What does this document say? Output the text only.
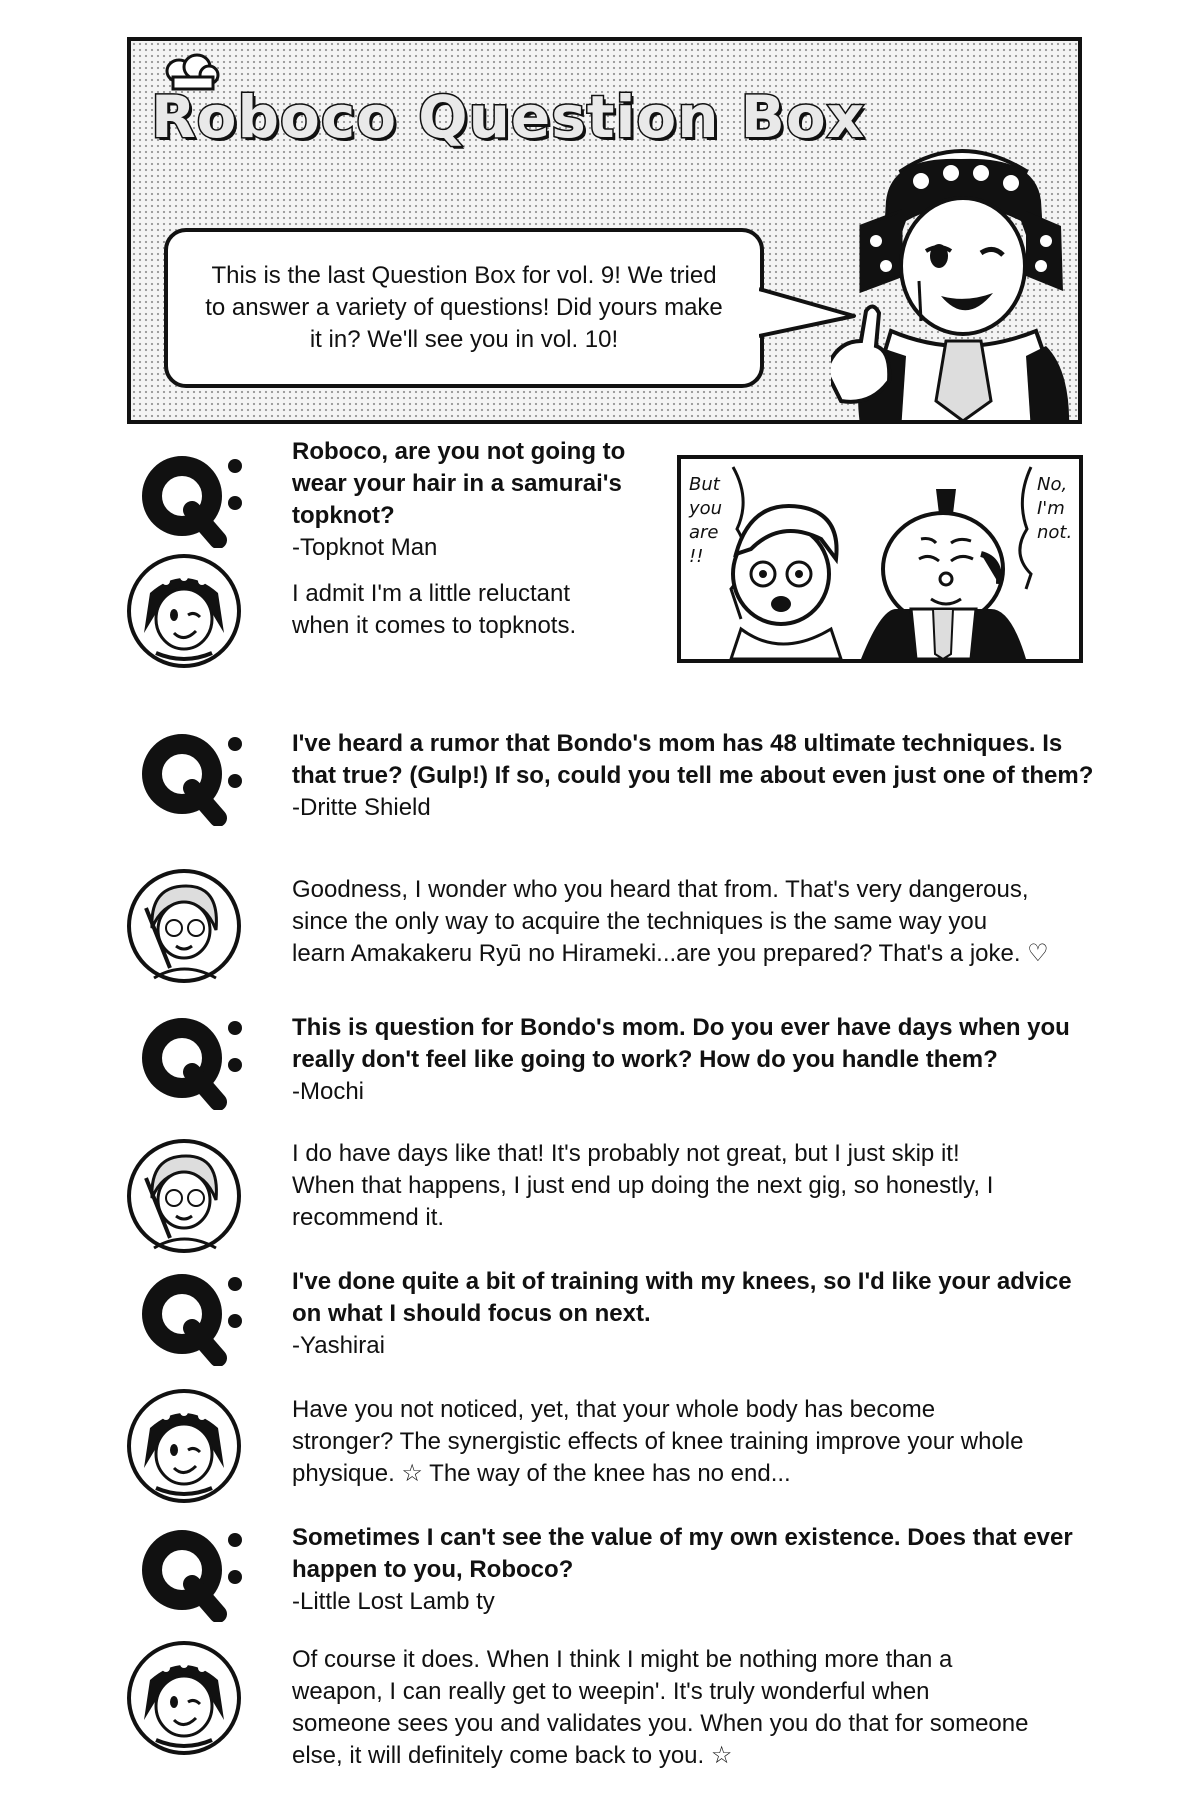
Roboco Question Box
This is the last Question Box for vol. 9! We tried to answer a variety of questions! Did yours make it in? We'll see you in vol. 10!
Roboco, are you not going to
wear your hair in a samurai's
topknot?
-Topknot Man
I admit I'm a little reluctant
when it comes to topknots.
But
you
are
!!
No,
I'm
not.
I've heard a rumor that Bondo's mom has 48 ultimate techniques. Is
that true? (Gulp!) If so, could you tell me about even just one of them?
-Dritte Shield
Goodness, I wonder who you heard that from. That's very dangerous,
since the only way to acquire the techniques is the same way you
learn Amakakeru Ryū no Hirameki...are you prepared? That's a joke. ♡
This is question for Bondo's mom. Do you ever have days when you
really don't feel like going to work? How do you handle them?
-Mochi
I do have days like that! It's probably not great, but I just skip it!
When that happens, I just end up doing the next gig, so honestly, I
recommend it.
I've done quite a bit of training with my knees, so I'd like your advice
on what I should focus on next.
-Yashirai
Have you not noticed, yet, that your whole body has become
stronger? The synergistic effects of knee training improve your whole
physique. ☆ The way of the knee has no end...
Sometimes I can't see the value of my own existence. Does that ever
happen to you, Roboco?
-Little Lost Lamb ty
Of course it does. When I think I might be nothing more than a
weapon, I can really get to weepin'. It's truly wonderful when
someone sees you and validates you. When you do that for someone
else, it will definitely come back to you. ☆
